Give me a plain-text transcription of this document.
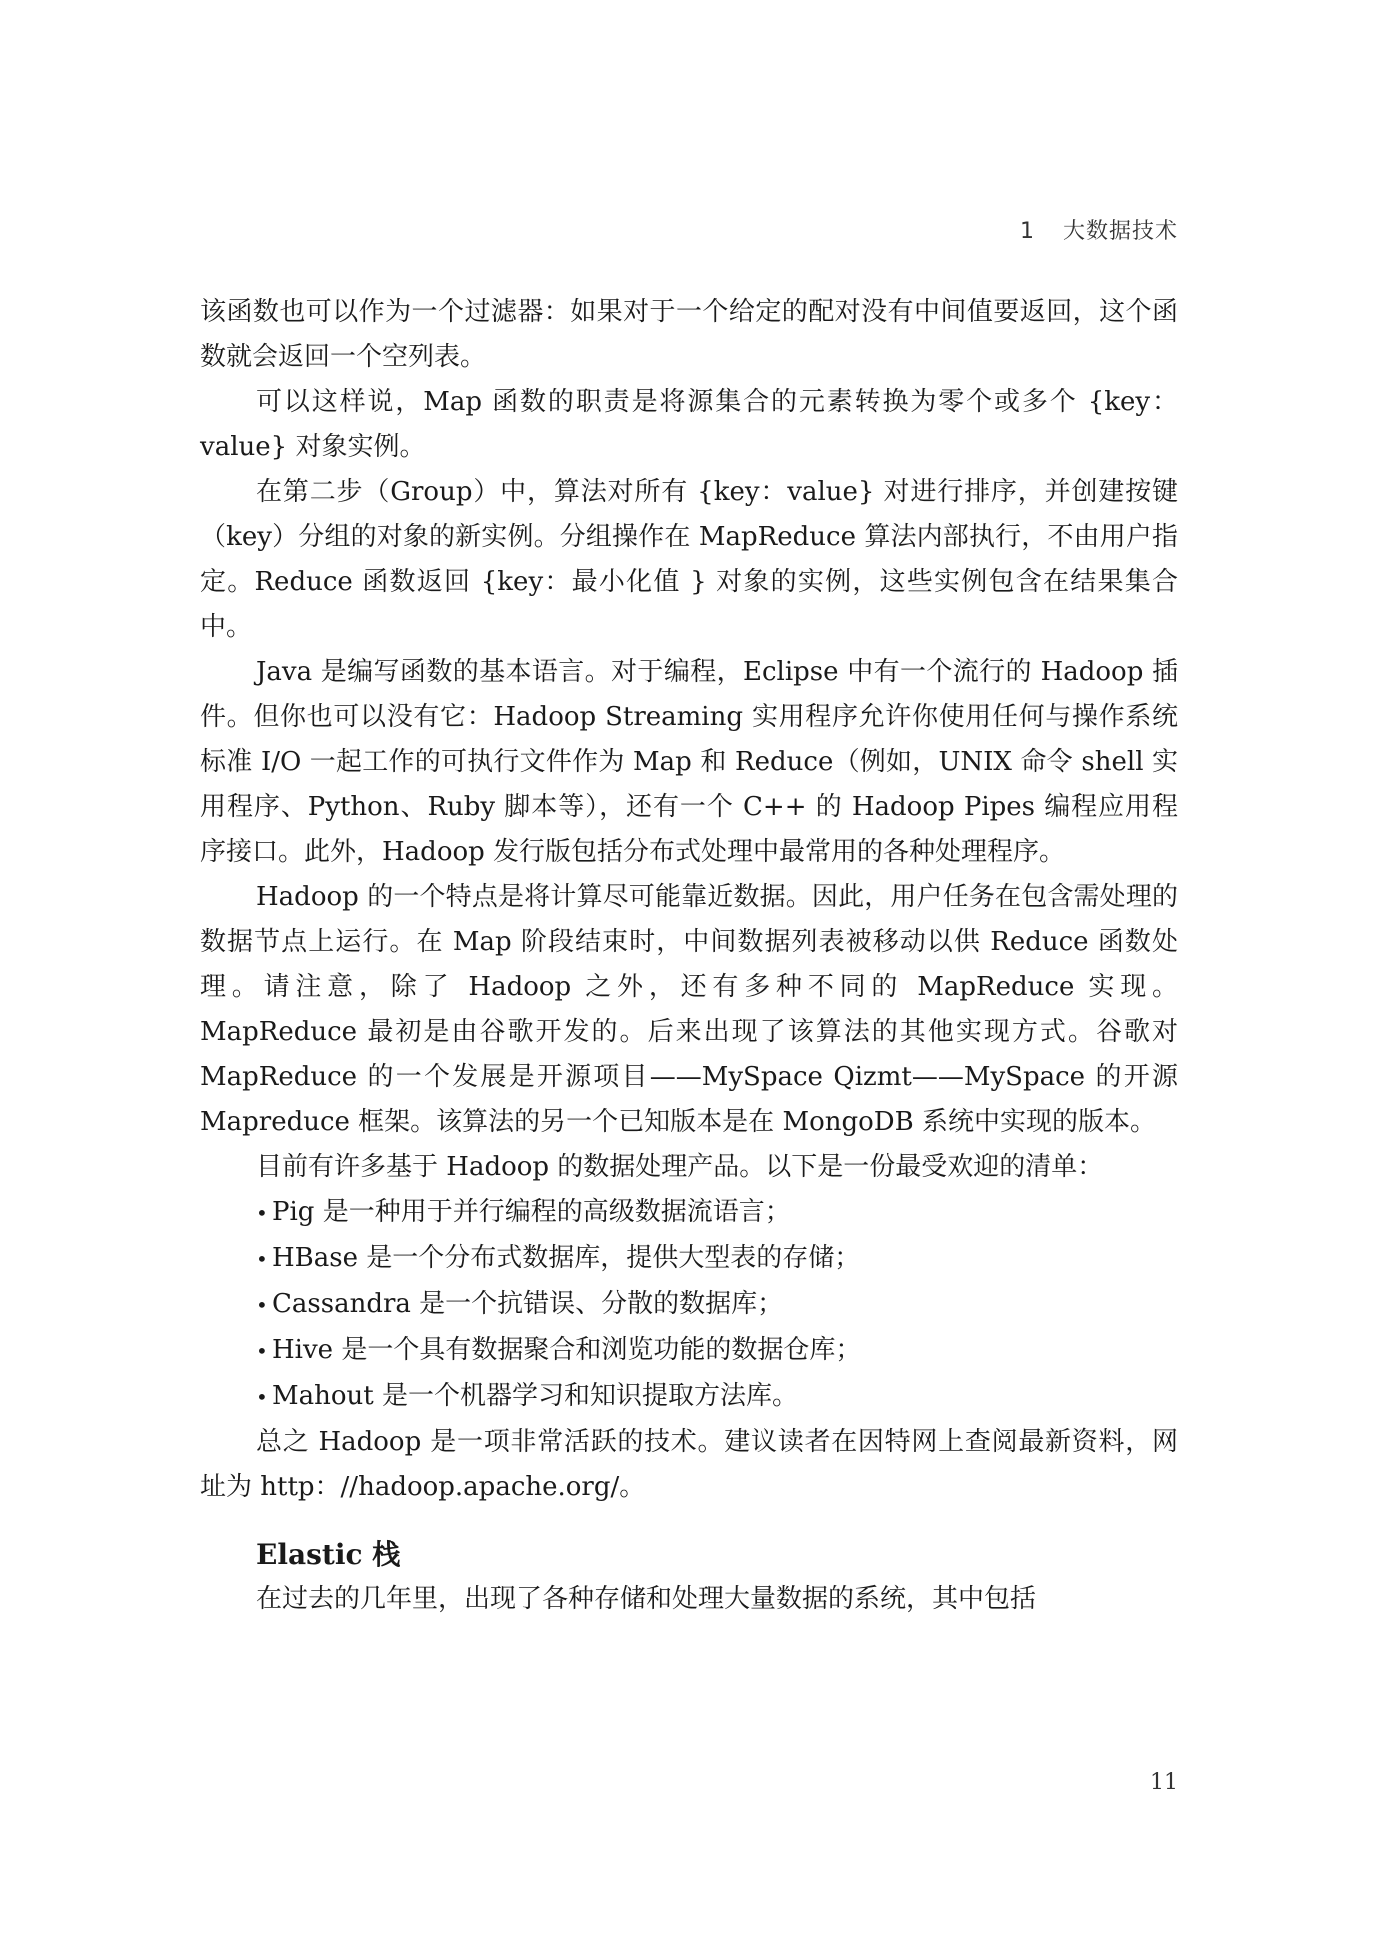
1 大数据技术

该函数也可以作为一个过滤器：如果对于一个给定的配对没有中间值要返回，这个函数就会返回一个空列表。

可以这样说，Map 函数的职责是将源集合的元素转换为零个或多个 {key：value} 对象实例。

在第二步（Group）中，算法对所有 {key：value} 对进行排序，并创建按键（key）分组的对象的新实例。分组操作在 MapReduce 算法内部执行，不由用户指定。Reduce 函数返回 {key：最小化值 } 对象的实例，这些实例包含在结果集合中。

Java 是编写函数的基本语言。对于编程，Eclipse 中有一个流行的 Hadoop 插件。但你也可以没有它：Hadoop Streaming 实用程序允许你使用任何与操作系统标准 I/O 一起工作的可执行文件作为 Map 和 Reduce（例如，UNIX 命令 shell 实用程序、Python、Ruby 脚本等），还有一个 C++ 的 Hadoop Pipes 编程应用程序接口。此外，Hadoop 发行版包括分布式处理中最常用的各种处理程序。

Hadoop 的一个特点是将计算尽可能靠近数据。因此，用户任务在包含需处理的数据节点上运行。在 Map 阶段结束时，中间数据列表被移动以供 Reduce 函数处理。请注意，除了 Hadoop 之外，还有多种不同的 MapReduce 实现。MapReduce 最初是由谷歌开发的。后来出现了该算法的其他实现方式。谷歌对 MapReduce 的一个发展是开源项目——MySpace Qizmt——MySpace 的开源 Mapreduce 框架。该算法的另一个已知版本是在 MongoDB 系统中实现的版本。

目前有许多基于 Hadoop 的数据处理产品。以下是一份最受欢迎的清单：

• Pig 是一种用于并行编程的高级数据流语言；
• HBase 是一个分布式数据库，提供大型表的存储；
• Cassandra 是一个抗错误、分散的数据库；
• Hive 是一个具有数据聚合和浏览功能的数据仓库；
• Mahout 是一个机器学习和知识提取方法库。

总之 Hadoop 是一项非常活跃的技术。建议读者在因特网上查阅最新资料，网址为 http：//hadoop.apache.org/。

Elastic 栈

在过去的几年里，出现了各种存储和处理大量数据的系统，其中包括

11
